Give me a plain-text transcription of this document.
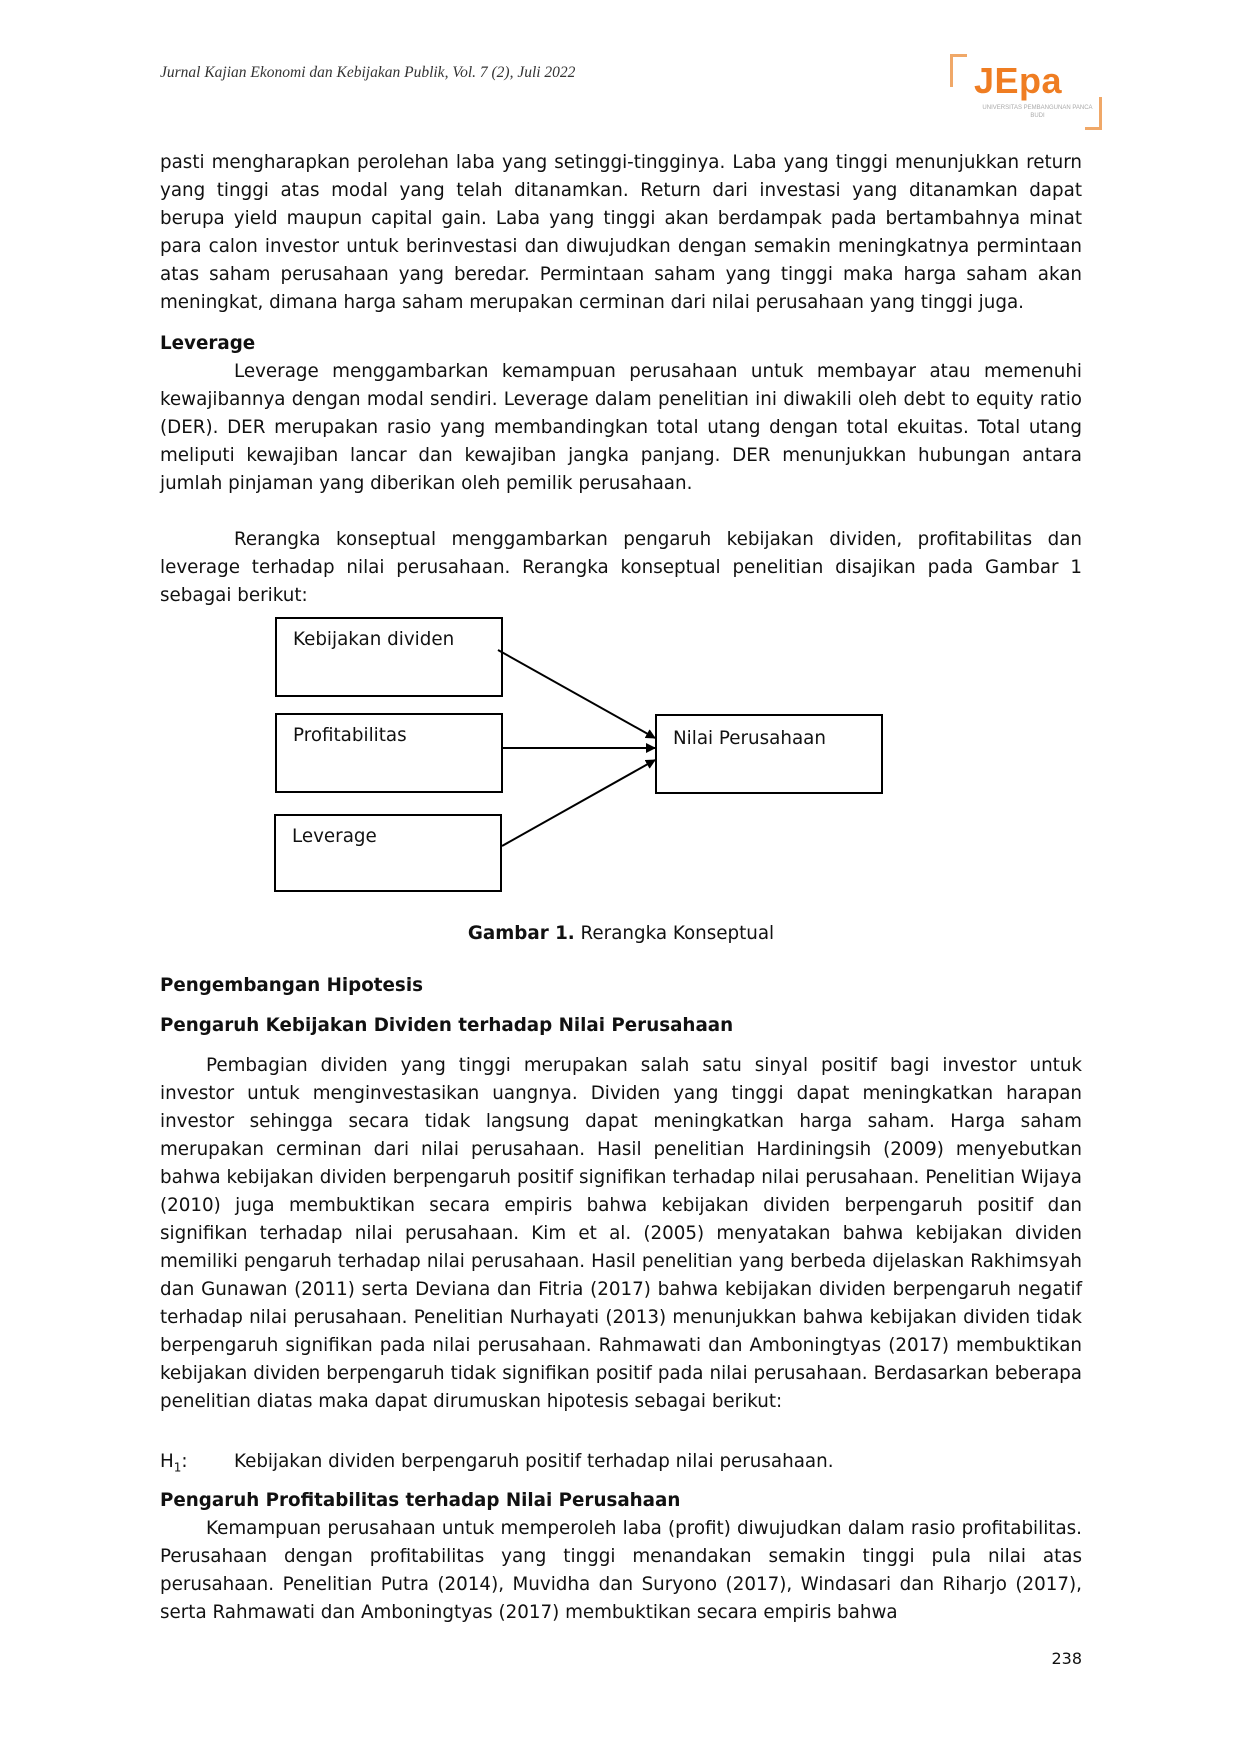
Jurnal Kajian Ekonomi dan Kebijakan Publik, Vol. 7 (2), Juli 2022	JEpa
UNIVERSITAS PEMBANGUNAN PANCA BUDI

pasti mengharapkan perolehan laba yang setinggi-tingginya. Laba yang tinggi menunjukkan return yang tinggi atas modal yang telah ditanamkan. Return dari investasi yang ditanamkan dapat berupa yield maupun capital gain. Laba yang tinggi akan berdampak pada bertambahnya minat para calon investor untuk berinvestasi dan diwujudkan dengan semakin meningkatnya permintaan atas saham perusahaan yang beredar. Permintaan saham yang tinggi maka harga saham akan meningkat, dimana harga saham merupakan cerminan dari nilai perusahaan yang tinggi juga.

Leverage

Leverage menggambarkan kemampuan perusahaan untuk membayar atau memenuhi kewajibannya dengan modal sendiri. Leverage dalam penelitian ini diwakili oleh debt to equity ratio (DER). DER merupakan rasio yang membandingkan total utang dengan total ekuitas. Total utang meliputi kewajiban lancar dan kewajiban jangka panjang. DER menunjukkan hubungan antara jumlah pinjaman yang diberikan oleh pemilik perusahaan.

Rerangka konseptual menggambarkan pengaruh kebijakan dividen, profitabilitas dan leverage terhadap nilai perusahaan. Rerangka konseptual penelitian disajikan pada Gambar 1 sebagai berikut:

Kebijakan dividen
Profitabilitas
Leverage
Nilai Perusahaan
Gambar 1. Rerangka Konseptual
Pengembangan Hipotesis
Pengaruh Kebijakan Dividen terhadap Nilai Perusahaan

Pembagian dividen yang tinggi merupakan salah satu sinyal positif bagi investor untuk investor untuk menginvestasikan uangnya. Dividen yang tinggi dapat meningkatkan harapan investor sehingga secara tidak langsung dapat meningkatkan harga saham. Harga saham merupakan cerminan dari nilai perusahaan. Hasil penelitian Hardiningsih (2009) menyebutkan bahwa kebijakan dividen berpengaruh positif signifikan terhadap nilai perusahaan. Penelitian Wijaya (2010) juga membuktikan secara empiris bahwa kebijakan dividen berpengaruh positif dan signifikan terhadap nilai perusahaan. Kim et al. (2005) menyatakan bahwa kebijakan dividen memiliki pengaruh terhadap nilai perusahaan. Hasil penelitian yang berbeda dijelaskan Rakhimsyah dan Gunawan (2011) serta Deviana dan Fitria (2017) bahwa kebijakan dividen berpengaruh negatif terhadap nilai perusahaan. Penelitian Nurhayati (2013) menunjukkan bahwa kebijakan dividen tidak berpengaruh signifikan pada nilai perusahaan. Rahmawati dan Amboningtyas (2017) membuktikan kebijakan dividen berpengaruh tidak signifikan positif pada nilai perusahaan. Berdasarkan beberapa penelitian diatas maka dapat dirumuskan hipotesis sebagai berikut:

$H_1$:	Kebijakan dividen berpengaruh positif terhadap nilai perusahaan.
Pengaruh Profitabilitas terhadap Nilai Perusahaan

Kemampuan perusahaan untuk memperoleh laba (profit) diwujudkan dalam rasio profitabilitas. Perusahaan dengan profitabilitas yang tinggi menandakan semakin tinggi pula nilai atas perusahaan. Penelitian Putra (2014), Muvidha dan Suryono (2017), Windasari dan Riharjo (2017), serta Rahmawati dan Amboningtyas (2017) membuktikan secara empiris bahwa

238
